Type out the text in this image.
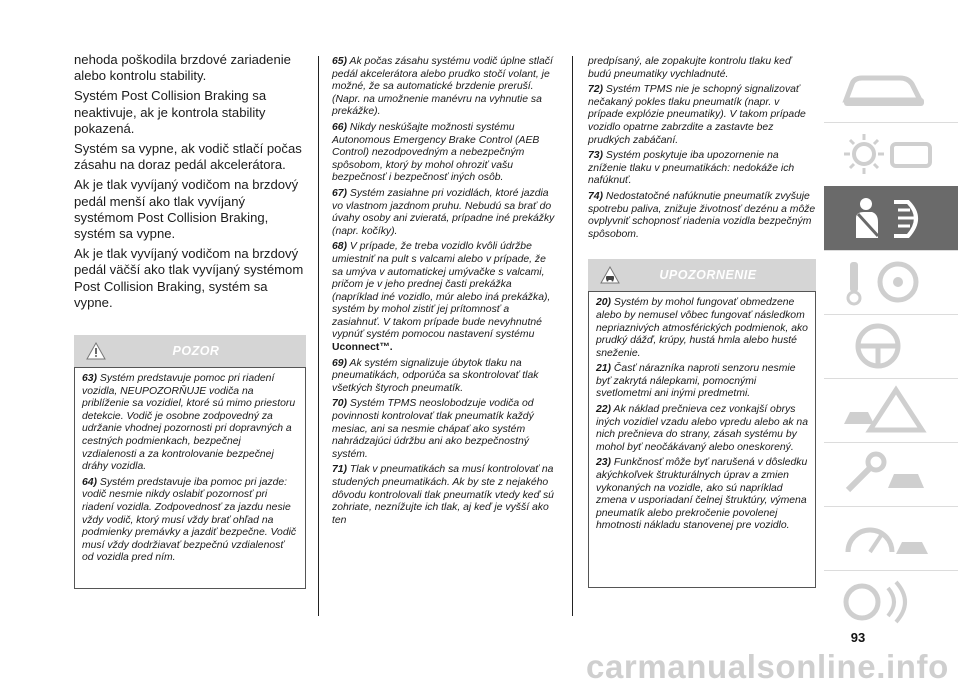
nehoda poškodila brzdové zariadenie alebo kontrolu stability.

Systém Post Collision Braking sa neaktivuje, ak je kontrola stability pokazená.

Systém sa vypne, ak vodič stlačí počas zásahu na doraz pedál akcelerátora.

Ak je tlak vyvíjaný vodičom na brzdový pedál menší ako tlak vyvíjaný systémom Post Collision Braking, systém sa vypne.

Ak je tlak vyvíjaný vodičom na brzdový pedál väčší ako tlak vyvíjaný systémom Post Collision Braking, systém sa vypne.

POZOR

63) Systém predstavuje pomoc pri riadení vozidla, NEUPOZORŇUJE vodiča na priblíženie sa vozidiel, ktoré sú mimo priestoru detekcie. Vodič je osobne zodpovedný za udržanie vhodnej pozornosti pri dopravných a cestných podmienkach, bezpečnej vzdialenosti a za kontrolovanie bezpečnej dráhy vozidla.

64) Systém predstavuje iba pomoc pri jazde: vodič nesmie nikdy oslabiť pozornosť pri riadení vozidla. Zodpovednosť za jazdu nesie vždy vodič, ktorý musí vždy brať ohľad na podmienky premávky a jazdiť bezpečne. Vodič musí vždy dodržiavať bezpečnú vzdialenosť od vozidla pred ním.

65) Ak počas zásahu systému vodič úplne stlačí pedál akcelerátora alebo prudko stočí volant, je možné, že sa automatické brzdenie preruší. (Napr. na umožnenie manévru na vyhnutie sa prekážke).

66) Nikdy neskúšajte možnosti systému Autonomous Emergency Brake Control (AEB Control) nezodpovedným a nebezpečným spôsobom, ktorý by mohol ohroziť vašu bezpečnosť i bezpečnosť iných osôb.

67) Systém zasiahne pri vozidlách, ktoré jazdia vo vlastnom jazdnom pruhu. Nebudú sa brať do úvahy osoby ani zvieratá, prípadne iné prekážky (napr. kočíky).

68) V prípade, že treba vozidlo kvôli údržbe umiestniť na pult s valcami alebo v prípade, že sa umýva v automatickej umývačke s valcami, pričom je v jeho prednej časti prekážka (napríklad iné vozidlo, múr alebo iná prekážka), systém by mohol zistiť jej prítomnosť a zasiahnuť. V takom prípade bude nevyhnutné vypnúť systém pomocou nastavení systému Uconnect™.

69) Ak systém signalizuje úbytok tlaku na pneumatikách, odporúča sa skontrolovať tlak všetkých štyroch pneumatík.

70) Systém TPMS neoslobodzuje vodiča od povinnosti kontrolovať tlak pneumatík každý mesiac, ani sa nesmie chápať ako systém nahrádzajúci údržbu ani ako bezpečnostný systém.

71) Tlak v pneumatikách sa musí kontrolovať na studených pneumatikách. Ak by ste z nejakého dôvodu kontrolovali tlak pneumatík vtedy keď sú zohriate, neznížujte ich tlak, aj keď je vyšší ako ten

predpísaný, ale zopakujte kontrolu tlaku keď budú pneumatiky vychladnuté.

72) Systém TPMS nie je schopný signalizovať nečakaný pokles tlaku pneumatík (napr. v prípade explózie pneumatiky). V takom prípade vozidlo opatrne zabrzdite a zastavte bez prudkých zabáčaní.

73) Systém poskytuje iba upozornenie na zníženie tlaku v pneumatikách: nedokáže ich nafúknuť.

74) Nedostatočné nafúknutie pneumatík zvyšuje spotrebu paliva, znižuje životnosť dezénu a môže ovplyvniť schopnosť riadenia vozidla bezpečným spôsobom.

UPOZORNENIE

20) Systém by mohol fungovať obmedzene alebo by nemusel vôbec fungovať následkom nepriaznivých atmosférických podmienok, ako prudký dážď, krúpy, hustá hmla alebo husté sneženie.

21) Časť nárazníka naproti senzoru nesmie byť zakrytá nálepkami, pomocnými svetlometmi ani inými predmetmi.

22) Ak náklad prečnieva cez vonkajší obrys iných vozidiel vzadu alebo vpredu alebo ak na nich prečnieva do strany, zásah systému by mohol byť neočákávaný alebo oneskorený.

23) Funkčnosť môže byť narušená v dôsledku akýchkoľvek štrukturálnych úprav a zmien vykonaných na vozidle, ako sú napríklad zmena v usporiadaní čelnej štruktúry, výmena pneumatík alebo prekročenie povolenej hmotnosti nákladu stanovenej pre vozidlo.

93
carmanualsonline.info
